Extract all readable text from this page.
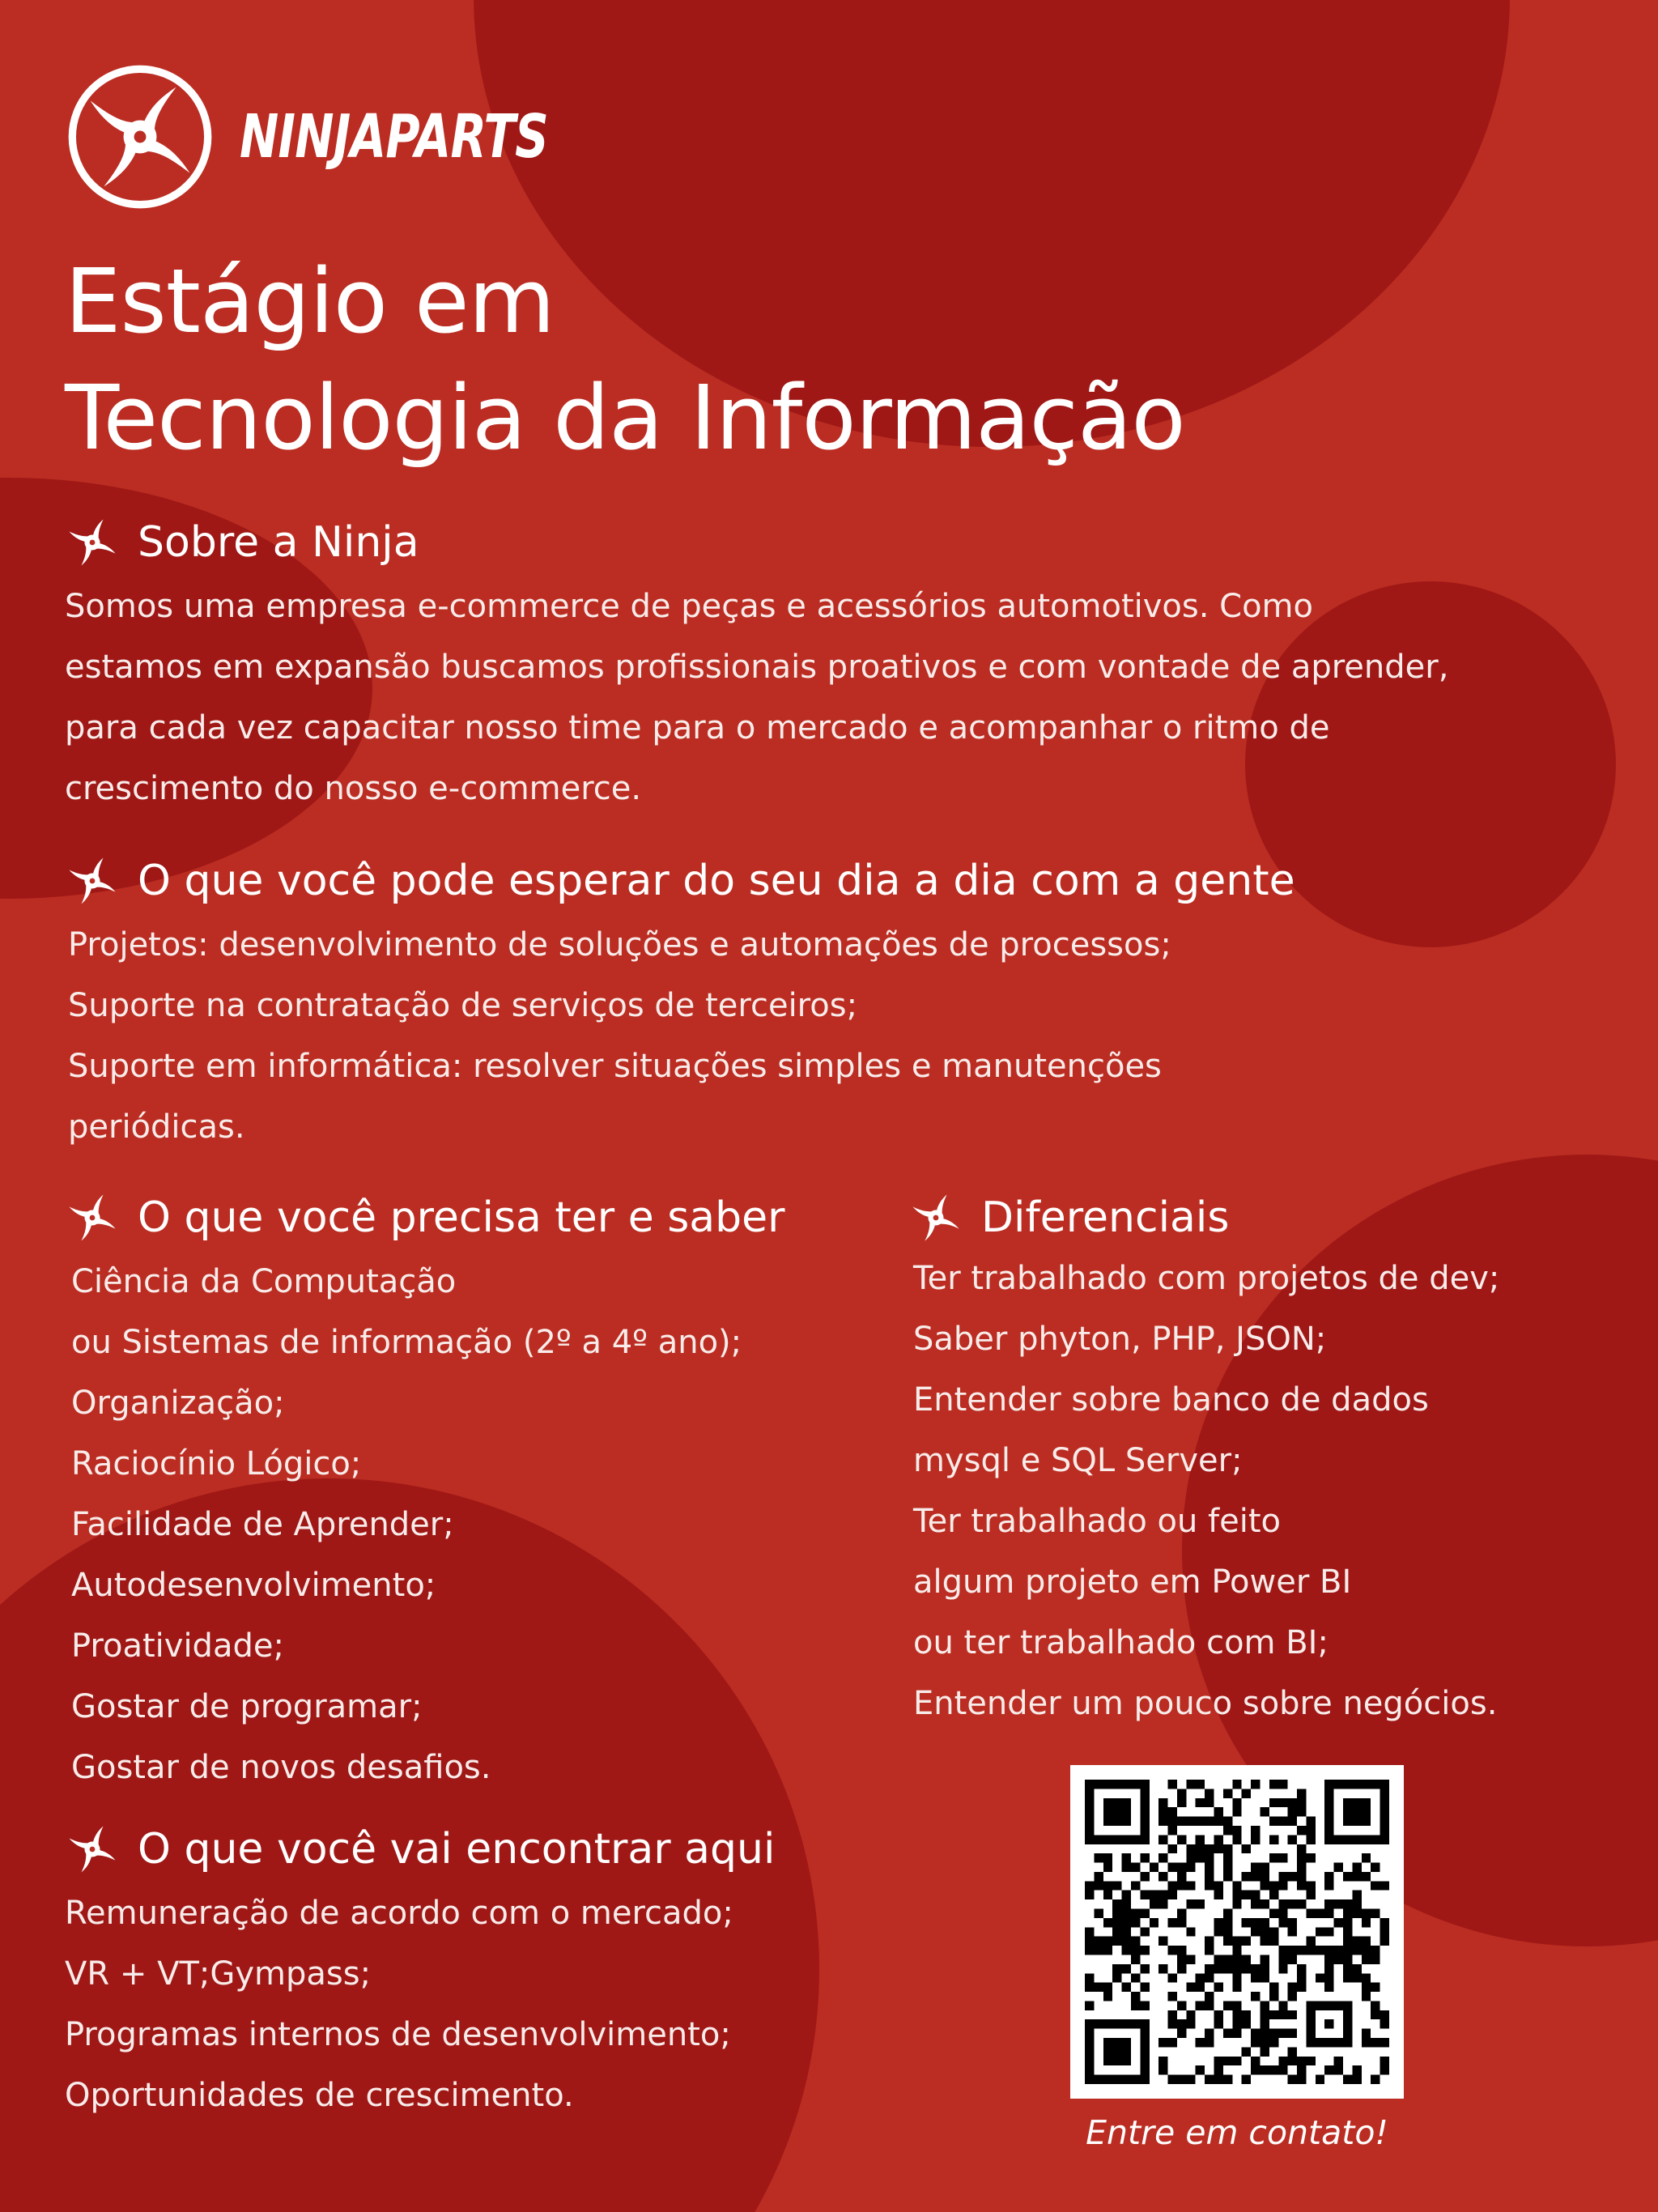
NINJAPARTS
Estágio em
Tecnologia da Informação
Sobre a Ninja
Somos uma empresa e-commerce de peças e acessórios automotivos. Como
estamos em expansão buscamos profissionais proativos e com vontade de aprender,
para cada vez capacitar nosso time para o mercado e acompanhar o ritmo de
crescimento do nosso e-commerce.
O que você pode esperar do seu dia a dia com a gente
Projetos: desenvolvimento de soluções e automações de processos;
Suporte na contratação de serviços de terceiros;
Suporte em informática: resolver situações simples e manutenções
periódicas.
O que você precisa ter e saber
Ciência da Computação
ou Sistemas de informação (2º a 4º ano);
Organização;
Raciocínio Lógico;
Facilidade de Aprender;
Autodesenvolvimento;
Proatividade;
Gostar de programar;
Gostar de novos desafios.
Diferenciais
Ter trabalhado com projetos de dev;
Saber phyton, PHP, JSON;
Entender sobre banco de dados
mysql e SQL Server;
Ter trabalhado ou feito
algum projeto em Power BI
ou ter trabalhado com BI;
Entender um pouco sobre negócios.
O que você vai encontrar aqui
Remuneração de acordo com o mercado;
VR + VT;Gympass;
Programas internos de desenvolvimento;
Oportunidades de crescimento.
Entre em contato!
